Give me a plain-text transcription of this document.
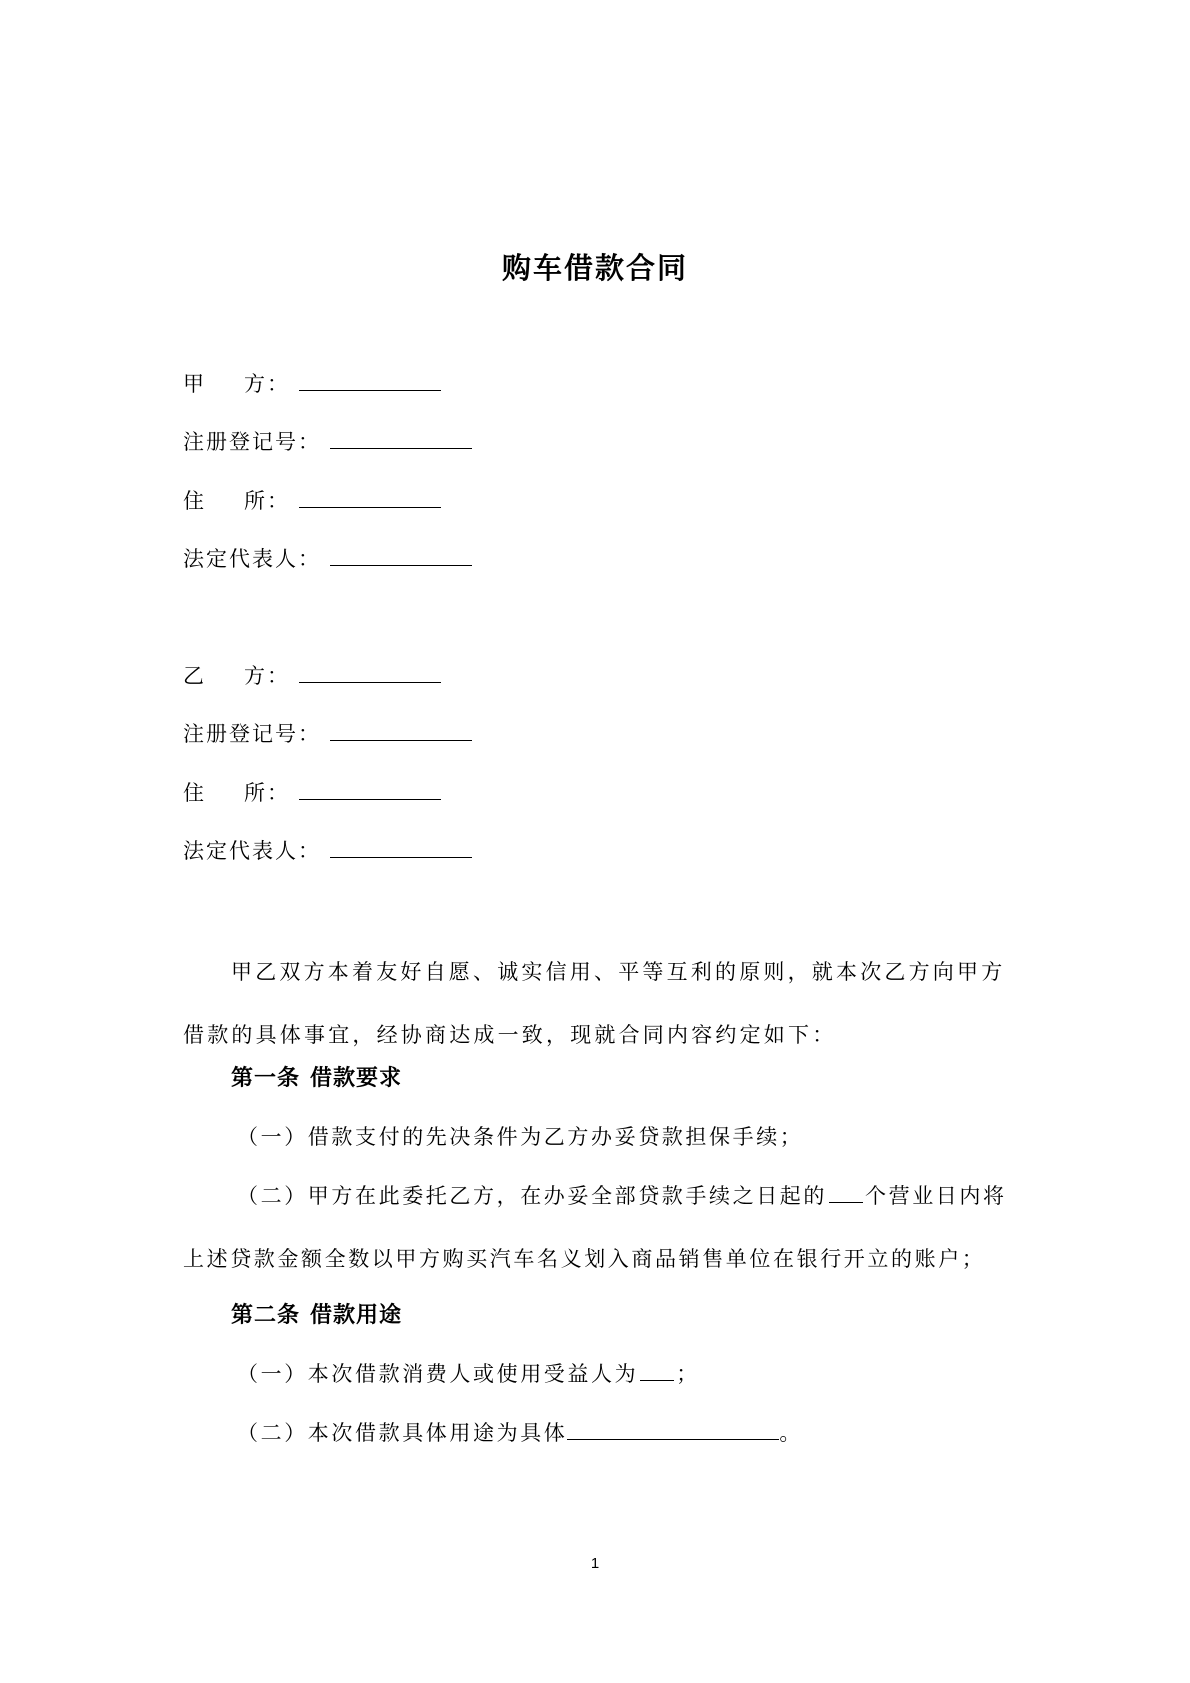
购车借款合同
甲 方：
注册登记号：
住 所：
法定代表人：
乙 方：
注册登记号：
住 所：
法定代表人：
甲乙双方本着友好自愿、诚实信用、平等互利的原则，就本次乙方向甲方借款的具体事宜，经协商达成一致，现就合同内容约定如下：
第一条 借款要求
（一）借款支付的先决条件为乙方办妥贷款担保手续；
（二）甲方在此委托乙方，在办妥全部贷款手续之日起的 个营业日内将上述贷款金额全数以甲方购买汽车名义划入商品销售单位在银行开立的账户；
第二条 借款用途
（一）本次借款消费人或使用受益人为 ；
（二）本次借款具体用途为具体	。
1
